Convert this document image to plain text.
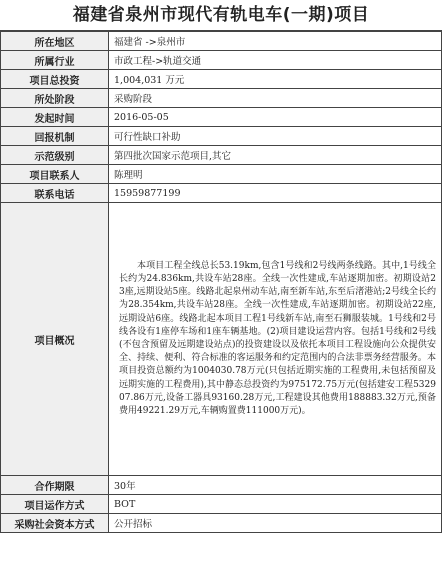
福建省泉州市现代有轨电车(一期)项目
所在地区	福建省 ->泉州市
所属行业	市政工程->轨道交通
项目总投资	1,004,031 万元
所处阶段	采购阶段
发起时间	2016-05-05
回报机制	可行性缺口补助
示范级别	第四批次国家示范项目,其它
项目联系人	陈理明
联系电话	15959877199
项目概况	本项目工程全线总长53.19km,包含1号线和2号线两条线路。其中,1号线全长约为24.836km,共设车站28座。全线一次性建成,车站逐期加密。初期设站23座,远期设站5座。线路北起泉州动车站,南至新车站,东至后渚港站;2号线全长约为28.354km,共设车站28座。全线一次性建成,车站逐期加密。初期设站22座,远期设站6座。线路北起本项目工程1号线新车站,南至石狮服装城。1号线和2号线各设有1座停车场和1座车辆基地。(2)项目建设运营内容。包括1号线和2号线(不包含预留及远期建设站点)的投资建设以及依托本项目工程设施向公众提供安全、持续、便利、符合标准的客运服务和约定范围内的合法非票务经营服务。本项目投资总额约为1004030.78万元(只包括近期实施的工程费用,未包括预留及远期实施的工程费用),其中静态总投资约为975172.75万元(包括建安工程532907.86万元,设备工器具93160.28万元,工程建设其他费用188883.32万元,预备费用49221.29万元,车辆购置费111000万元)。

合作期限	30年
项目运作方式	BOT
采购社会资本方式	公开招标
